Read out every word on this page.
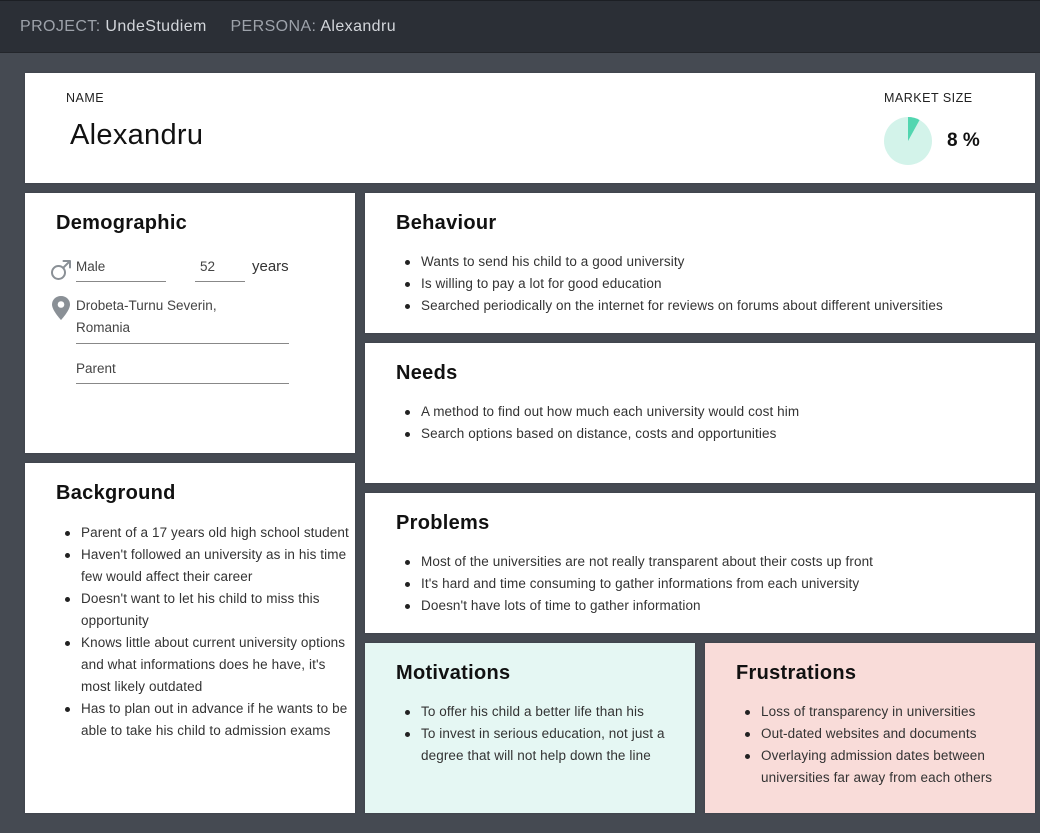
PROJECT: UndeStudiem PERSONA: Alexandru
NAME
Alexandru
MARKET SIZE
8 %
Demographic
Male	52	years
Drobeta-Turnu Severin,
Romania
Parent
Background
Parent of a 17 years old high school student
Haven't followed an university as in his time few would affect their career
Doesn't want to let his child to miss this opportunity
Knows little about current university options and what informations does he have, it's most likely outdated
Has to plan out in advance if he wants to be able to take his child to admission exams
Behaviour
Wants to send his child to a good university
Is willing to pay a lot for good education
Searched periodically on the internet for reviews on forums about different universities
Needs
A method to find out how much each university would cost him
Search options based on distance, costs and opportunities
Problems
Most of the universities are not really transparent about their costs up front
It's hard and time consuming to gather informations from each university
Doesn't have lots of time to gather information
Motivations
To offer his child a better life than his
To invest in serious education, not just a degree that will not help down the line
Frustrations
Loss of transparency in universities
Out-dated websites and documents
Overlaying admission dates between universities far away from each others
